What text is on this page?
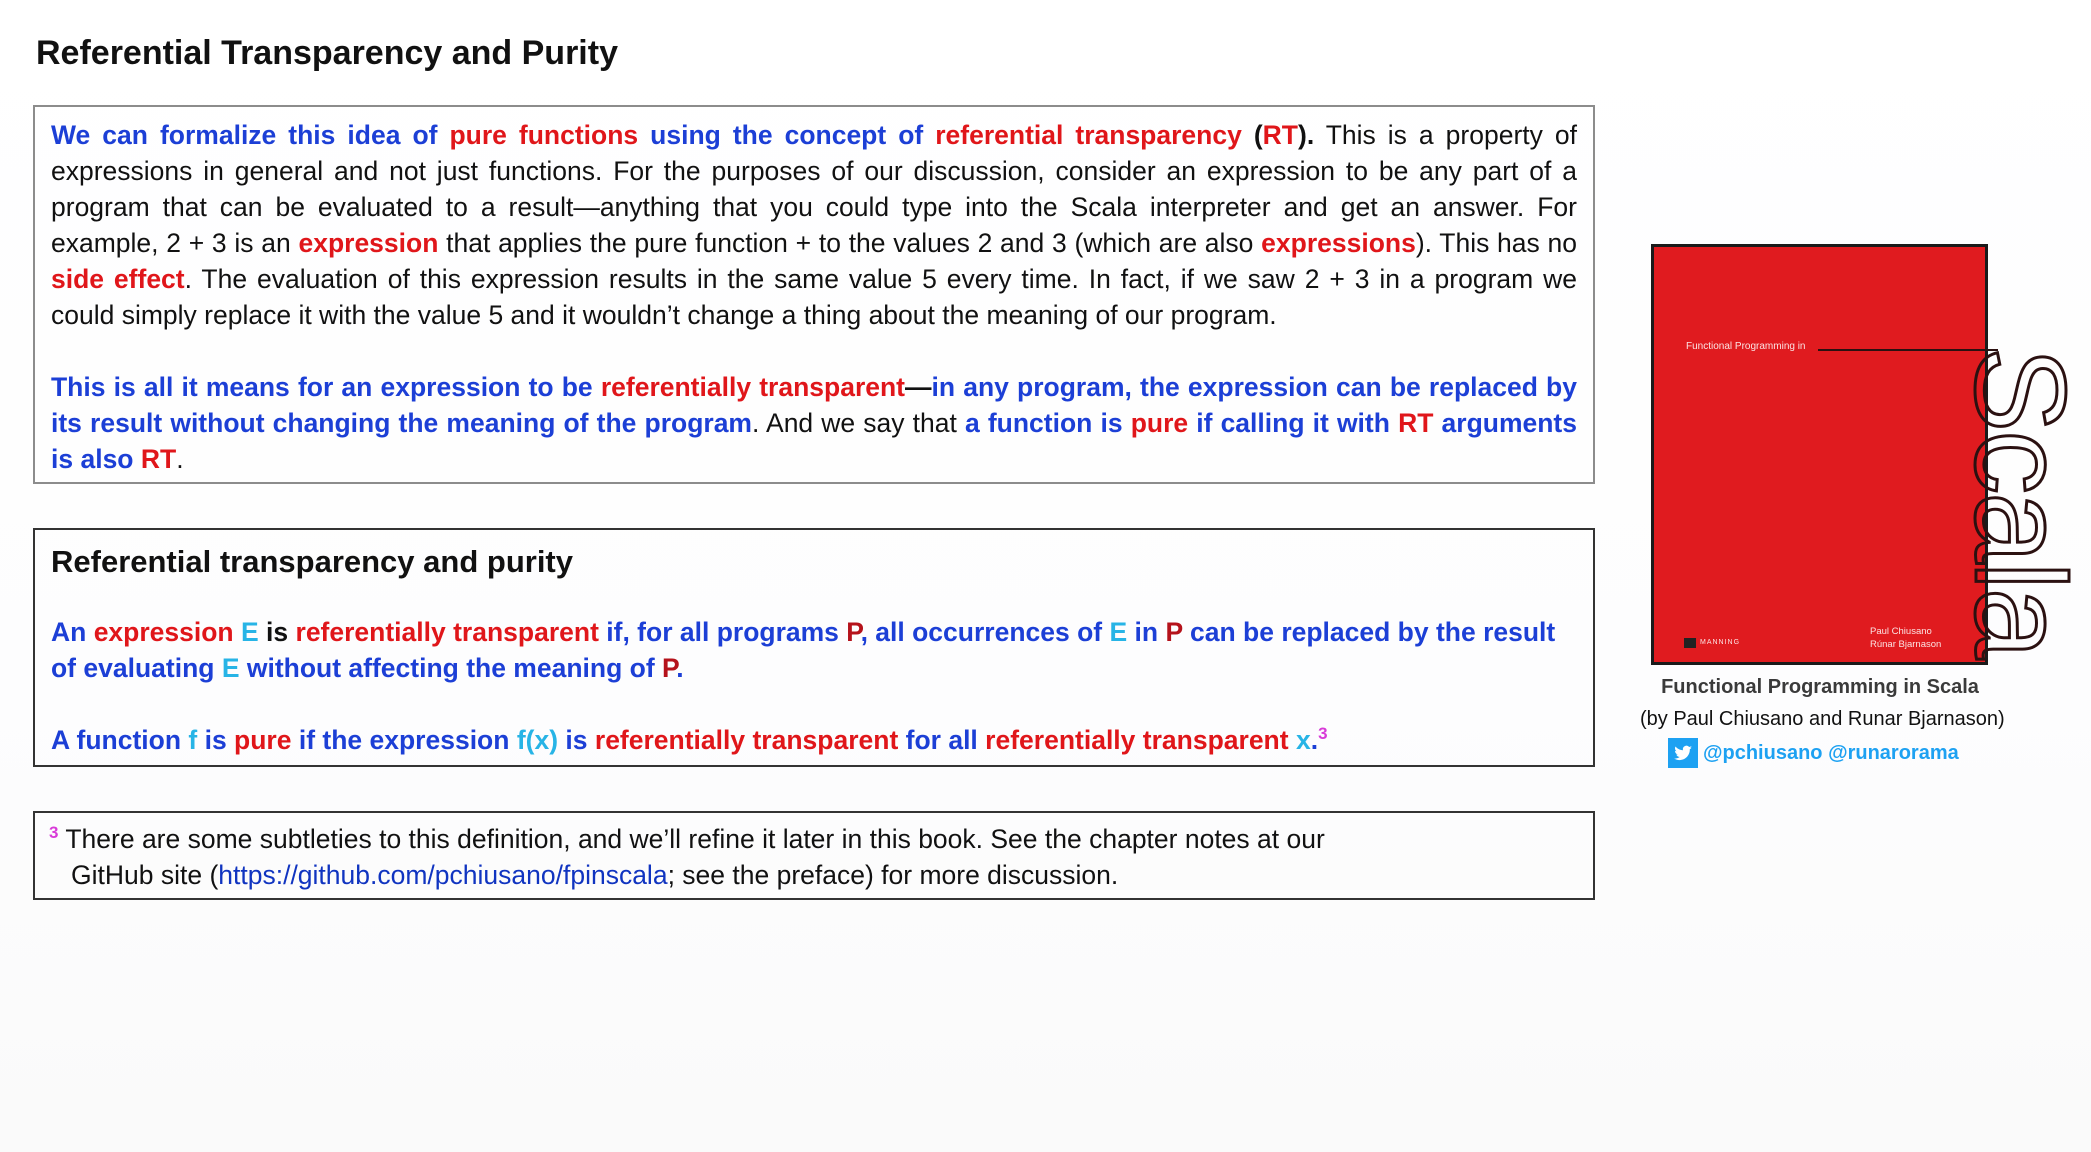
Referential Transparency and Purity

We can formalize this idea of pure functions using the concept of referential transparency (RT). This is a property of expressions in general and not just functions. For the purposes of our discussion, consider an expression to be any part of a program that can be evaluated to a result—anything that you could type into the Scala interpreter and get an answer. For example, 2 + 3 is an expression that applies the pure function + to the values 2 and 3 (which are also expressions). This has no side effect. The evaluation of this expression results in the same value 5 every time. In fact, if we saw 2 + 3 in a program we could simply replace it with the value 5 and it wouldn’t change a thing about the meaning of our program.

This is all it means for an expression to be referentially transparent—in any program, the expression can be replaced by its result without changing the meaning of the program. And we say that a function is pure if calling it with RT arguments is also RT.

Referential transparency and purity

An expression E is referentially transparent if, for all programs P, all occurrences of E in P can be replaced by the result of evaluating E without affecting the meaning of P.

A function f is pure if the expression f(x) is referentially transparent for all referentially transparent x.$^3$

$^3$ There are some subtleties to this definition, and we’ll refine it later in this book. See the chapter notes at our
GitHub site (https://github.com/pchiusano/fpinscala; see the preface) for more discussion.
Functional Programming in
Scala
Paul Chiusano
Rúnar Bjarnason
MANNING
Functional Programming in Scala
(by Paul Chiusano and Runar Bjarnason)
@pchiusano @runarorama
